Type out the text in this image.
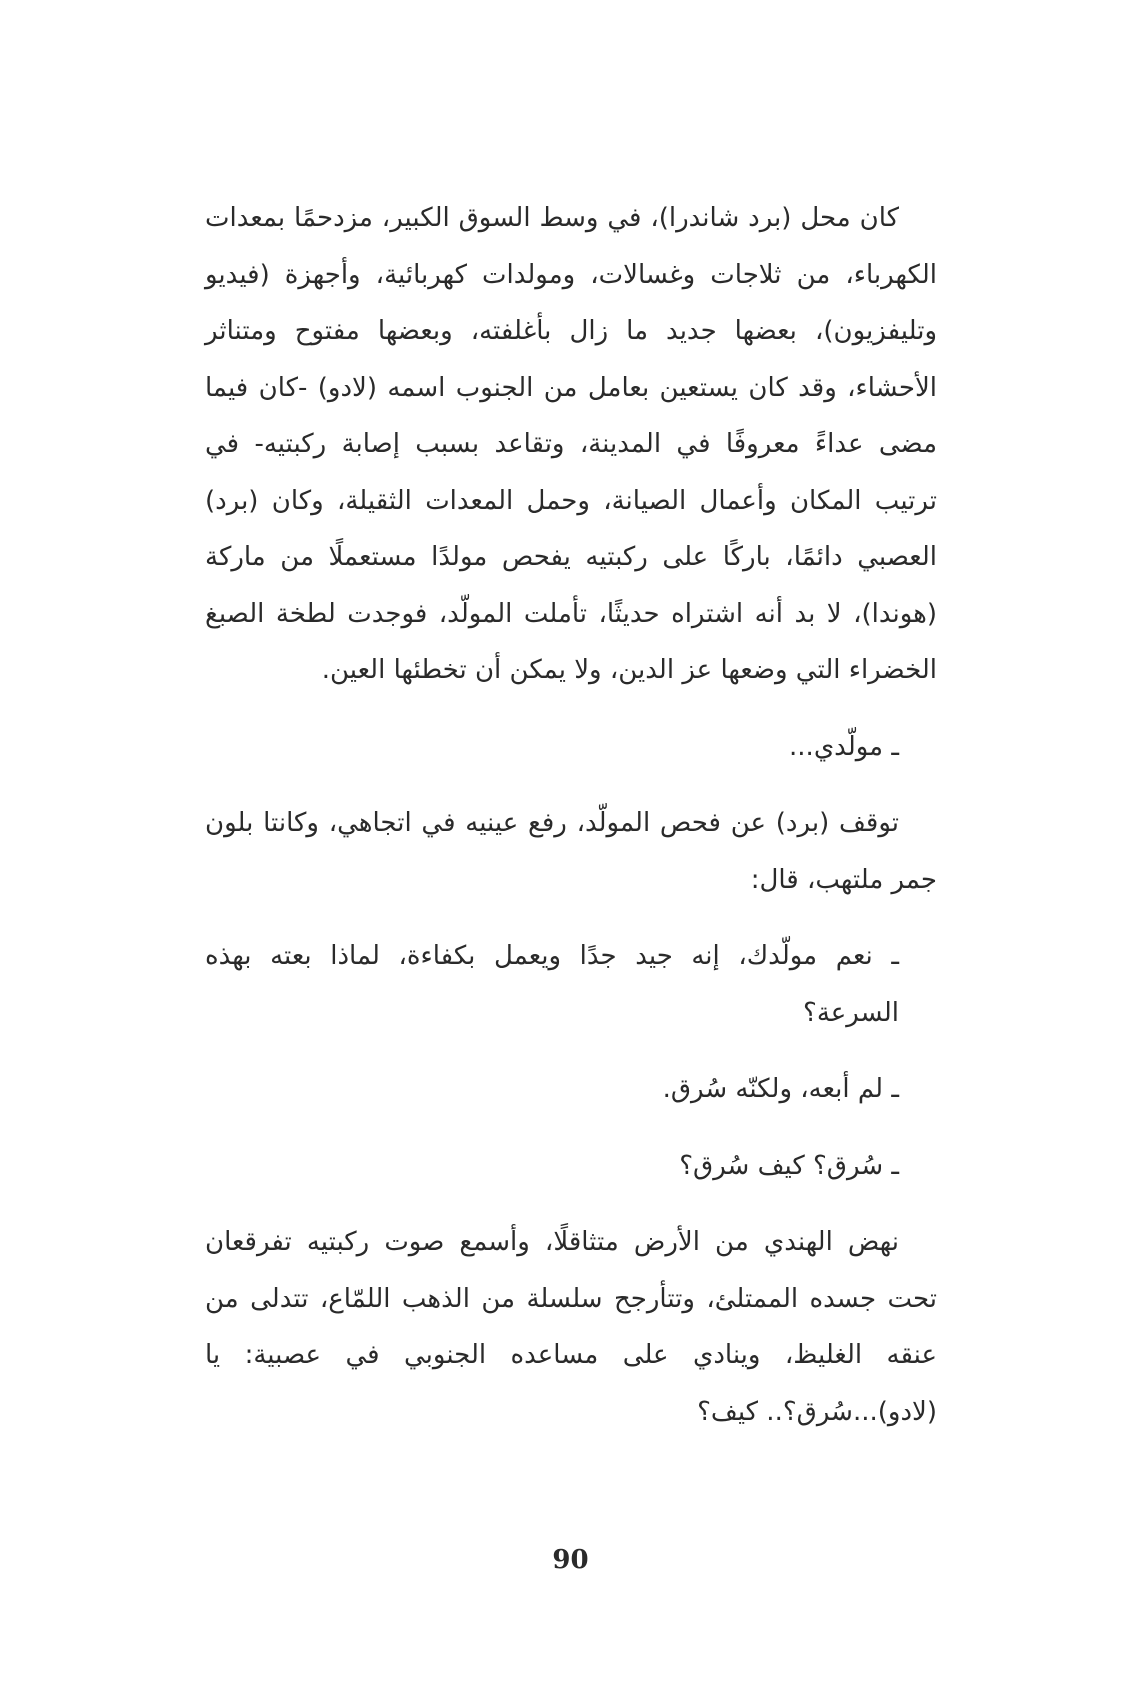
كان محل (برد شاندرا)، في وسط السوق الكبير، مزدحمًا بمعدات الكهرباء، من ثلاجات وغسالات، ومولدات كهربائية، وأجهزة (فيديو وتليفزيون)، بعضها جديد ما زال بأغلفته، وبعضها مفتوح ومتناثر الأحشاء، وقد كان يستعين بعامل من الجنوب اسمه (لادو) -كان فيما مضى عداءً معروفًا في المدينة، وتقاعد بسبب إصابة ركبتيه- في ترتيب المكان وأعمال الصيانة، وحمل المعدات الثقيلة، وكان (برد) العصبي دائمًا، باركًا على ركبتيه يفحص مولدًا مستعملًا من ماركة (هوندا)، لا بد أنه اشتراه حديثًا، تأملت المولّد، فوجدت لطخة الصبغ الخضراء التي وضعها عز الدين، ولا يمكن أن تخطئها العين.

ـ مولّدي...

توقف (برد) عن فحص المولّد، رفع عينيه في اتجاهي، وكانتا بلون جمر ملتهب، قال:

ـ نعم مولّدك، إنه جيد جدًا ويعمل بكفاءة، لماذا بعته بهذه السرعة؟

ـ لم أبعه، ولكنّه سُرق.

ـ سُرق؟ كيف سُرق؟

نهض الهندي من الأرض متثاقلًا، وأسمع صوت ركبتيه تفرقعان تحت جسده الممتلئ، وتتأرجح سلسلة من الذهب اللمّاع، تتدلى من عنقه الغليظ، وينادي على مساعده الجنوبي في عصبية: يا (لادو)...سُرق؟.. كيف؟

90
